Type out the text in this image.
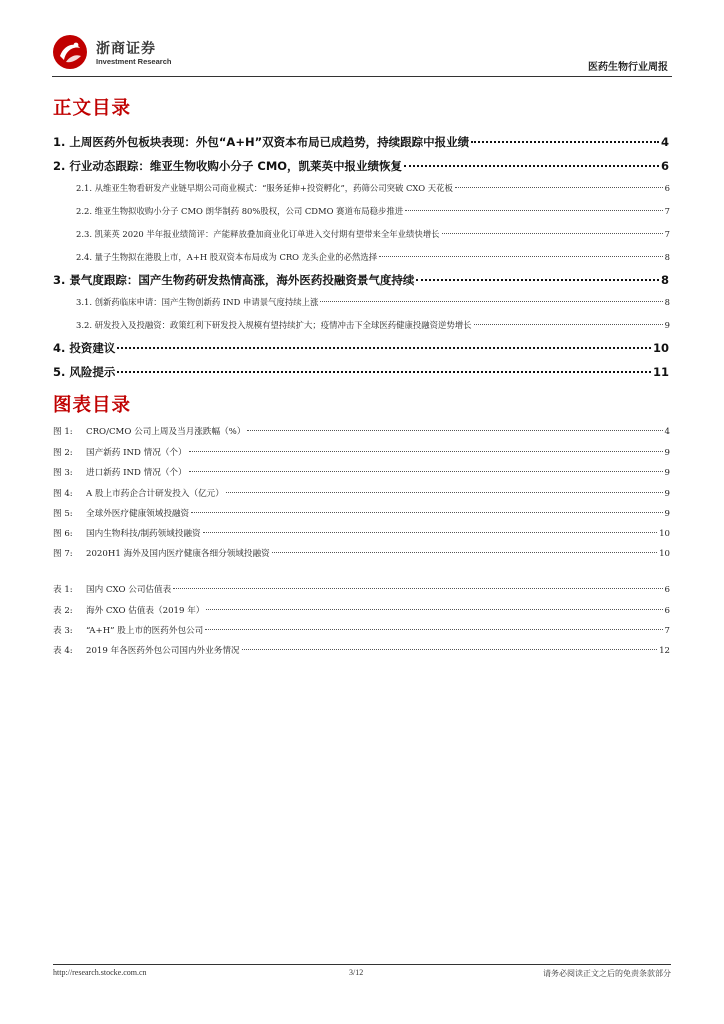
浙商证券
Investment Research
医药生物行业周报
正文目录
1. 上周医药外包板块表现：外包“A+H”双资本布局已成趋势，持续跟踪中报业绩	4
2. 行业动态跟踪：维亚生物收购小分子 CMO，凯莱英中报业绩恢复	6
2.1. 从维亚生物看研发产业链早期公司商业模式：“服务延伸+投资孵化”，药筛公司突破 CXO 天花板	6
2.2. 维亚生物拟收购小分子 CMO 朗华制药 80%股权，公司 CDMO 赛道布局稳步推进	7
2.3. 凯莱英 2020 半年报业绩简评：产能释放叠加商业化订单进入交付期有望带来全年业绩快增长	7
2.4. 量子生物拟在港股上市，A+H 股双资本布局成为 CRO 龙头企业的必然选择	8
3. 景气度跟踪：国产生物药研发热情高涨，海外医药投融资景气度持续	8
3.1. 创新药临床申请：国产生物创新药 IND 申请景气度持续上涨	8
3.2. 研发投入及投融资：政策红利下研发投入规模有望持续扩大；疫情冲击下全球医药健康投融资逆势增长	9
4. 投资建议	10
5. 风险提示	11
图表目录
图 1:	CRO/CMO 公司上周及当月涨跌幅（%）	4
图 2:	国产新药 IND 情况（个）	9
图 3:	进口新药 IND 情况（个）	9
图 4:	A 股上市药企合计研发投入（亿元）	9
图 5:	全球外医疗健康领域投融资	9
图 6:	国内生物科技/制药领域投融资	10
图 7:	2020H1 海外及国内医疗健康各细分领域投融资	10
表 1:	国内 CXO 公司估值表	6
表 2:	海外 CXO 估值表（2019 年）	6
表 3:	“A+H” 股上市的医药外包公司	7
表 4:	2019 年各医药外包公司国内外业务情况	12
http://research.stocke.com.cn	3/12	请务必阅读正文之后的免责条款部分
